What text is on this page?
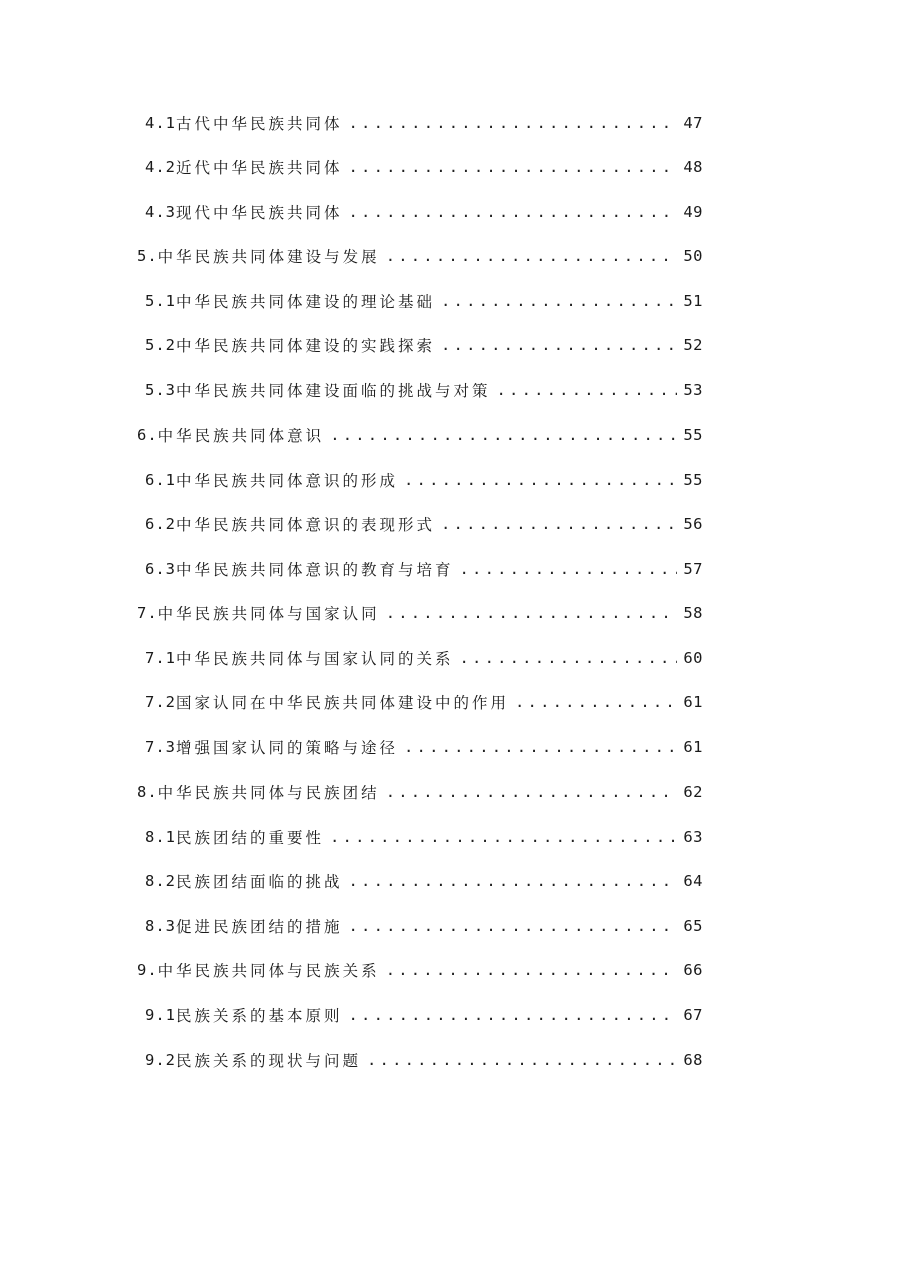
4.1 古代中华民族共同体 .....	47
4.2 近代中华民族共同体 .....	48
4.3 现代中华民族共同体 .....	49
5. 中华民族共同体建设与发展 .....	50
5.1 中华民族共同体建设的理论基础 .....	51
5.2 中华民族共同体建设的实践探索 .....	52
5.3 中华民族共同体建设面临的挑战与对策 .....	53
6. 中华民族共同体意识 .....	55
6.1 中华民族共同体意识的形成 .....	55
6.2 中华民族共同体意识的表现形式 .....	56
6.3 中华民族共同体意识的教育与培育 .....	57
7. 中华民族共同体与国家认同 .....	58
7.1 中华民族共同体与国家认同的关系 .....	60
7.2 国家认同在中华民族共同体建设中的作用 .....	61
7.3 增强国家认同的策略与途径 .....	61
8. 中华民族共同体与民族团结 .....	62
8.1 民族团结的重要性 .....	63
8.2 民族团结面临的挑战 .....	64
8.3 促进民族团结的措施 .....	65
9. 中华民族共同体与民族关系 .....	66
9.1 民族关系的基本原则 .....	67
9.2 民族关系的现状与问题 .....	68
